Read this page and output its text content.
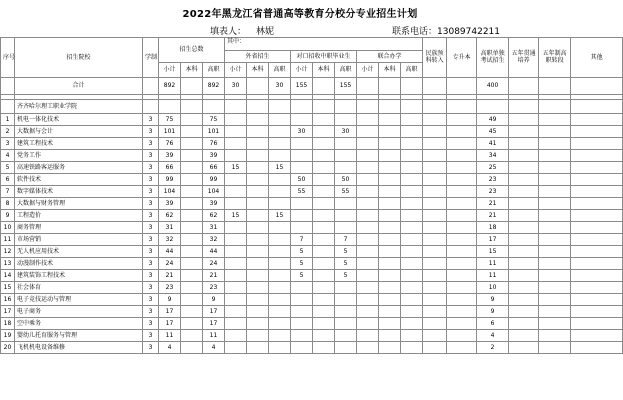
2022年黑龙江省普通高等教育分校分专业招生计划
填表人： 林妮	联系电话：13089742211
序号	招生院校	学制	招生总数			其中：									民族预科转入	专升本	高职单独考试招生	五年贯通培养	五年制高职转段	其他
						外省招生			对口招收中职毕业生			联合办学								
			小计	本科	高职	小计	本科	高职	小计	本科	高职	小计	本科	高职						
	合计		892		892	30		30	155		155						400			

	齐齐哈尔理工职业学院																			
1	机电一体化技术	3	75		75												49			
2	大数据与会计	3	101		101				30		30						45			
3	建筑工程技术	3	76		76												41			
4	党务工作	3	39		39												34			
5	高速铁路客运服务	3	66		66	15		15									25			
6	软件技术	3	99		99				50		50						23			
7	数字媒体技术	3	104		104				55		55						23			
8	大数据与财务管理	3	39		39												21			
9	工程造价	3	62		62	15		15									21			
10	商务管理	3	31		31												18			
11	市场营销	3	32		32				7		7						17			
12	无人机应用技术	3	44		44				5		5						15			
13	动漫制作技术	3	24		24				5		5						11			
14	建筑装饰工程技术	3	21		21				5		5						11			
15	社会体育	3	23		23												10			
16	电子竞技运动与管理	3	9		9												9			
17	电子商务	3	17		17												9			
18	空中乘务	3	17		17												6			
19	婴幼儿托育服务与管理	3	11		11												4			
20	飞机机电设备维修	3	4		4												2			
